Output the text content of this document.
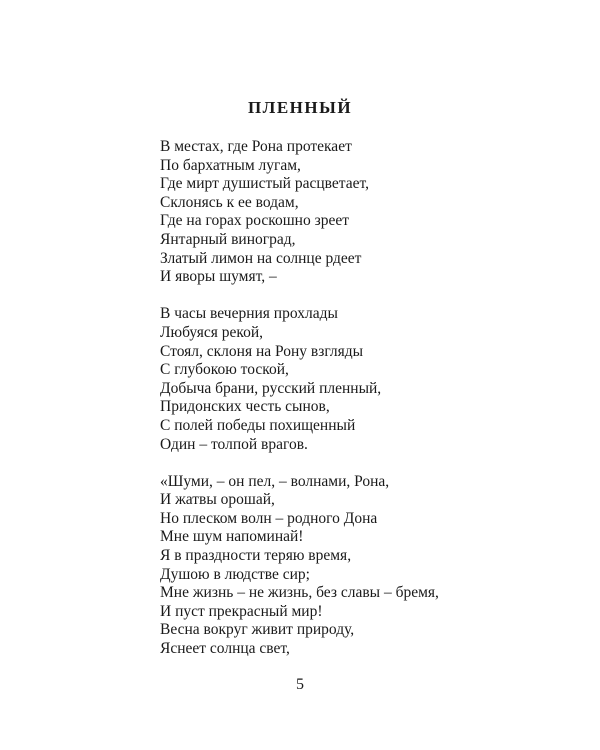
ПЛЕННЫЙ
В местах, где Рона протекает
По бархатным лугам,
Где мирт душистый расцветает,
Склонясь к ее водам,
Где на горах роскошно зреет
Янтарный виноград,
Златый лимон на солнце рдеет
И яворы шумят, –
В часы вечерния прохлады
Любуяся рекой,
Стоял, склоня на Рону взгляды
С глубокою тоской,
Добыча брани, русский пленный,
Придонских честь сынов,
С полей победы похищенный
Один – толпой врагов.
«Шуми, – он пел, – волнами, Рона,
И жатвы орошай,
Но плеском волн – родного Дона
Мне шум напоминай!
Я в праздности теряю время,
Душою в людстве сир;
Мне жизнь – не жизнь, без славы – бремя,
И пуст прекрасный мир!
Весна вокруг живит природу,
Яснеет солнца свет,
5
